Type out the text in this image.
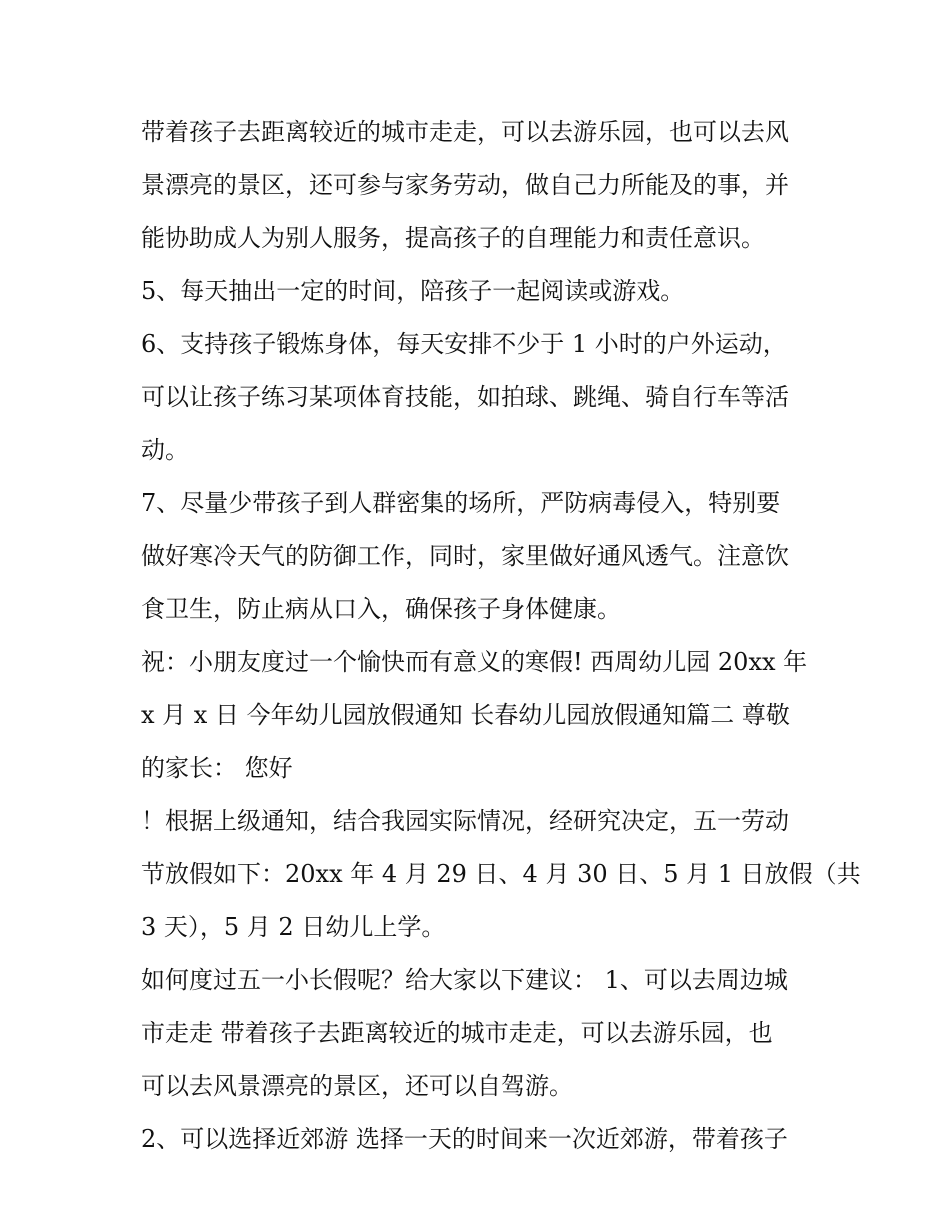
带着孩子去距离较近的城市走走，可以去游乐园，也可以去风
景漂亮的景区，还可参与家务劳动，做自己力所能及的事，并
能协助成人为别人服务，提高孩子的自理能力和责任意识。
5、每天抽出一定的时间，陪孩子一起阅读或游戏。
6、支持孩子锻炼身体，每天安排不少于 1 小时的户外运动，
可以让孩子练习某项体育技能，如拍球、跳绳、骑自行车等活
动。
7、尽量少带孩子到人群密集的场所，严防病毒侵入，特别要
做好寒冷天气的防御工作，同时，家里做好通风透气。注意饮
食卫生，防止病从口入，确保孩子身体健康。
祝：小朋友度过一个愉快而有意义的寒假! 西周幼儿园 20xx 年
x 月 x 日 今年幼儿园放假通知 长春幼儿园放假通知篇二 尊敬
的家长： 您好
！根据上级通知，结合我园实际情况，经研究决定，五一劳动
节放假如下：20xx 年 4 月 29 日、4 月 30 日、5 月 1 日放假（共
3 天），5 月 2 日幼儿上学。
如何度过五一小长假呢？给大家以下建议： 1、可以去周边城
市走走 带着孩子去距离较近的城市走走，可以去游乐园，也
可以去风景漂亮的景区，还可以自驾游。
2、可以选择近郊游 选择一天的时间来一次近郊游，带着孩子
